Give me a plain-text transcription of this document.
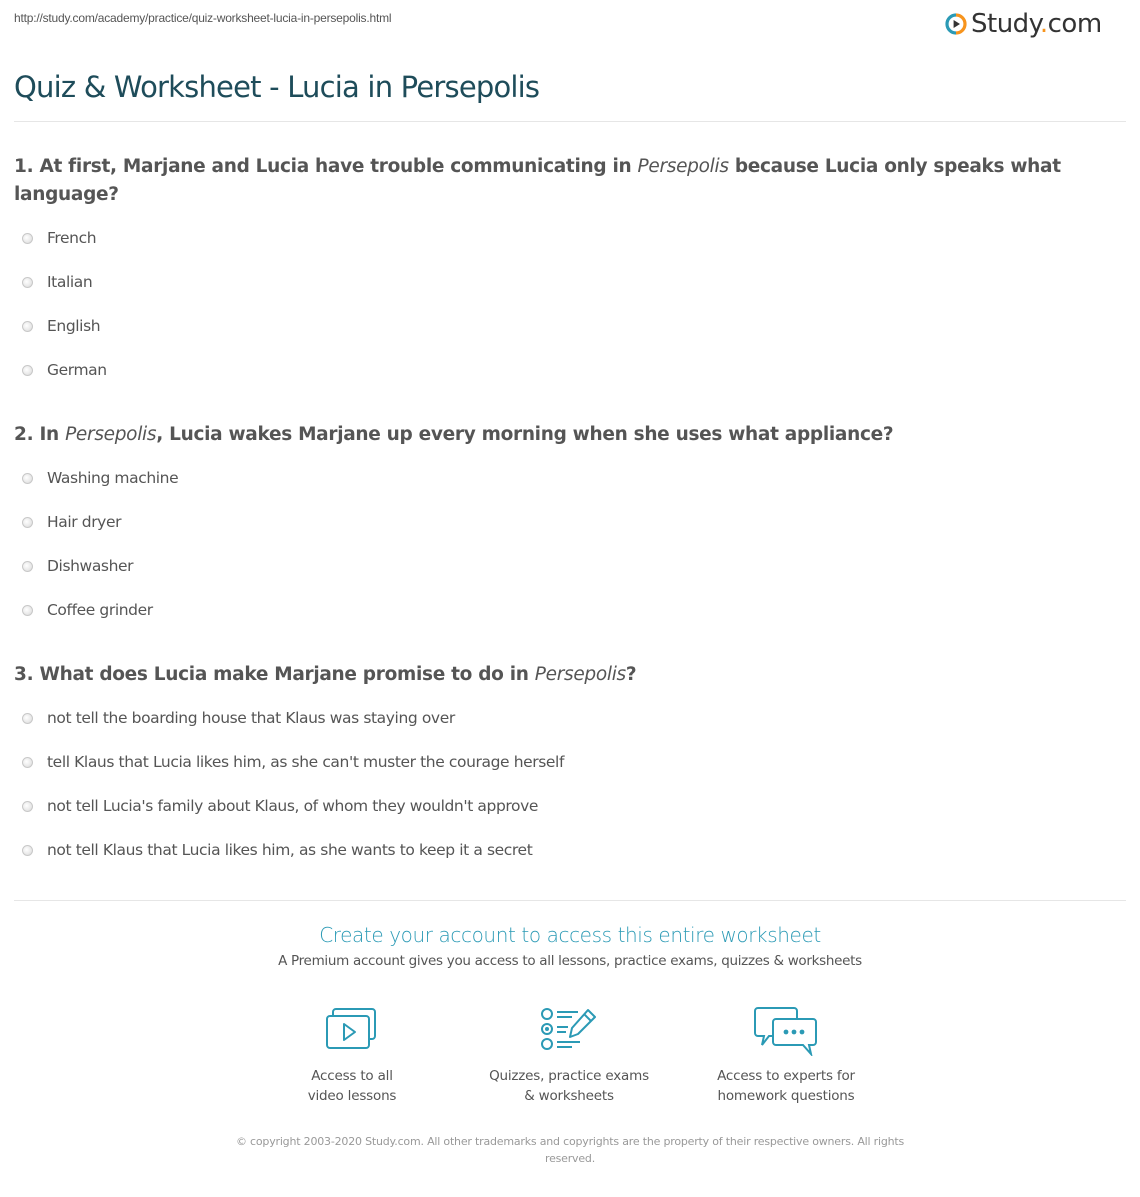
http://study.com/academy/practice/quiz-worksheet-lucia-in-persepolis.html	Study.com
Quiz & Worksheet - Lucia in Persepolis
1. At first, Marjane and Lucia have trouble communicating in Persepolis because Lucia only speaks what language?
French
Italian
English
German
2. In Persepolis, Lucia wakes Marjane up every morning when she uses what appliance?
Washing machine
Hair dryer
Dishwasher
Coffee grinder
3. What does Lucia make Marjane promise to do in Persepolis?
not tell the boarding house that Klaus was staying over
tell Klaus that Lucia likes him, as she can't muster the courage herself
not tell Lucia's family about Klaus, of whom they wouldn't approve
not tell Klaus that Lucia likes him, as she wants to keep it a secret
Create your account to access this entire worksheet
A Premium account gives you access to all lessons, practice exams, quizzes & worksheets
Access to all
video lessons
Quizzes, practice exams
& worksheets
Access to experts for
homework questions
© copyright 2003-2020 Study.com. All other trademarks and copyrights are the property of their respective owners. All rights reserved.
